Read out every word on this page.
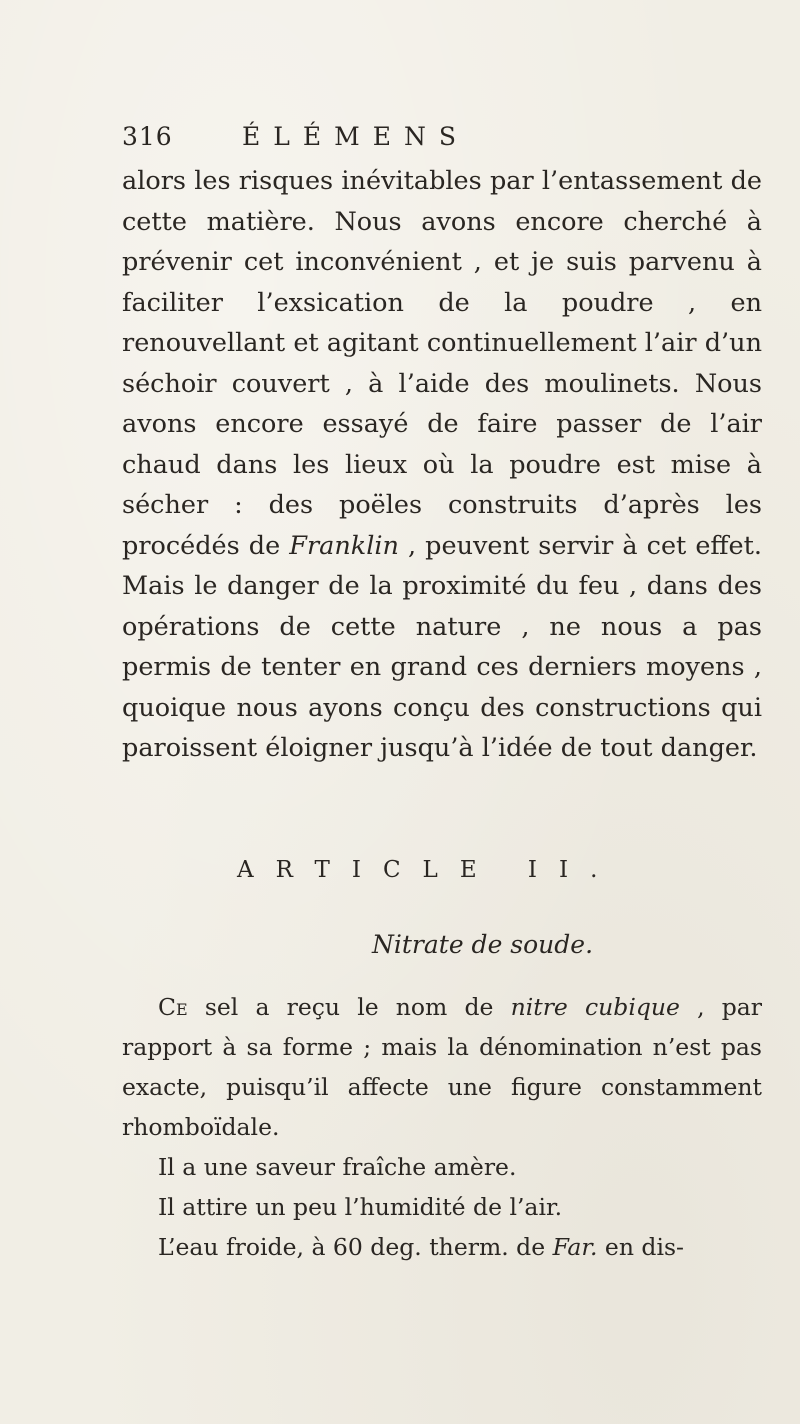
316	ÉLÉMENS

alors les risques inévitables par l’entassement de cette matière. Nous avons encore cherché à prévenir cet inconvénient , et je suis parvenu à faciliter l’exsication de la poudre , en renouvellant et agitant continuellement l’air d’un séchoir couvert , à l’aide des moulinets. Nous avons encore essayé de faire passer de l’air chaud dans les lieux où la poudre est mise à sécher : des poëles construits d’après les procédés de Franklin , peuvent servir à cet effet. Mais le danger de la proximité du feu , dans des opérations de cette nature , ne nous a pas permis de tenter en grand ces derniers moyens , quoique nous ayons conçu des constructions qui paroissent éloigner jusqu’à l’idée de tout danger.

ARTICLE II.
Nitrate de soude.

Ce sel a reçu le nom de nitre cubique , par rapport à sa forme ; mais la dénomination n’est pas exacte, puisqu’il affecte une figure constamment rhomboïdale.

Il a une saveur fraîche amère.

Il attire un peu l’humidité de l’air.

L’eau froide, à 60 deg. therm. de Far. en dis-
